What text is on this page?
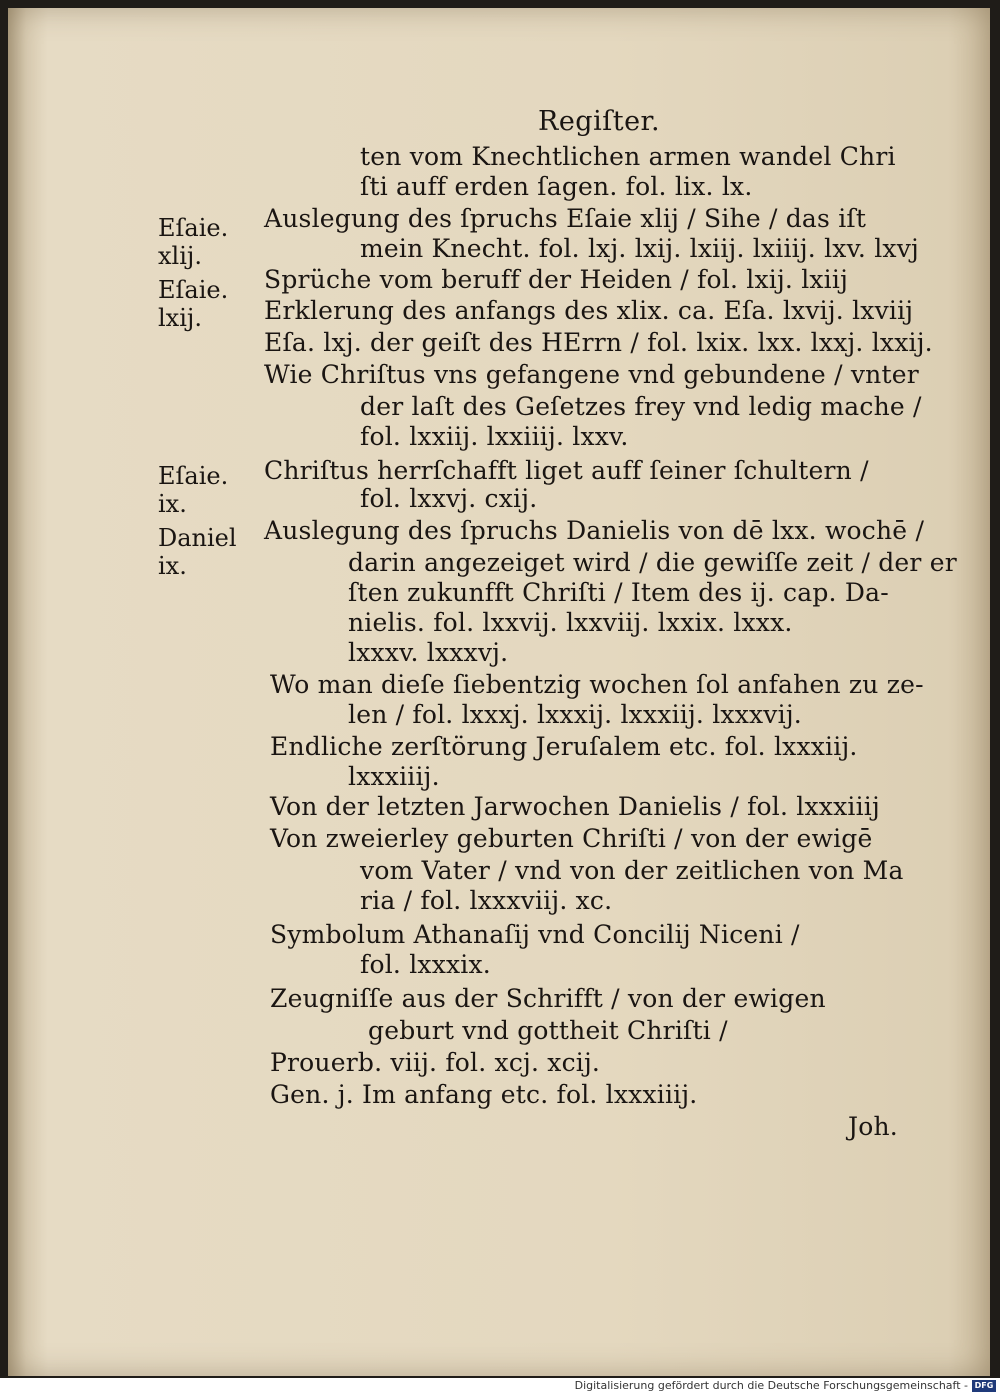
Regiſter.
ten vom Knechtlichen armen wandel Chri
ſti auff erden ſagen. fol. lix. lx.
Auslegung des ſpruchs Eſaie xlij / Sihe / das iſt
mein Knecht. fol. lxj. lxij. lxiij. lxiiij. lxv. lxvj
Sprüche vom beruff der Heiden / fol. lxij. lxiij
Erklerung des anfangs des xlix. ca. Eſa. lxvij. lxviij
Eſa. lxj. der geiſt des HErrn / fol. lxix. lxx. lxxj. lxxij.
Wie Chriſtus vns gefangene vnd gebundene / vnter
der laſt des Geſetzes frey vnd ledig mache /
fol. lxxiij. lxxiiij. lxxv.
Chriſtus herrſchafft liget auff ſeiner ſchultern /
fol. lxxvj. cxij.
Auslegung des ſpruchs Danielis von dē lxx. wochē /
darin angezeiget wird / die gewiſſe zeit / der er
ſten zukunfft Chriſti / Item des ij. cap. Da-
nielis. fol. lxxvij. lxxviij. lxxix. lxxx.
lxxxv. lxxxvj.
Wo man dieſe ſiebentzig wochen ſol anfahen zu ze-
len / fol. lxxxj. lxxxij. lxxxiij. lxxxvij.
Endliche zerſtörung Jeruſalem etc. fol. lxxxiij.
lxxxiiij.
Von der letzten Jarwochen Danielis / fol. lxxxiiij
Von zweierley geburten Chriſti / von der ewigē
vom Vater / vnd von der zeitlichen von Ma
ria / fol. lxxxviij. xc.
Symbolum Athanaſij vnd Concilij Niceni /
fol. lxxxix.
Zeugniſſe aus der Schrifft / von der ewigen
geburt vnd gottheit Chriſti /
Prouerb. viij. fol. xcj. xcij.
Gen. j. Im anfang etc. fol. lxxxiiij.
Joh.
Eſaie.
xlij.
Eſaie.
lxij.
Eſaie.
ix.
Daniel
ix.
Digitalisierung gefördert durch die Deutsche Forschungsgemeinschaft - DFG
